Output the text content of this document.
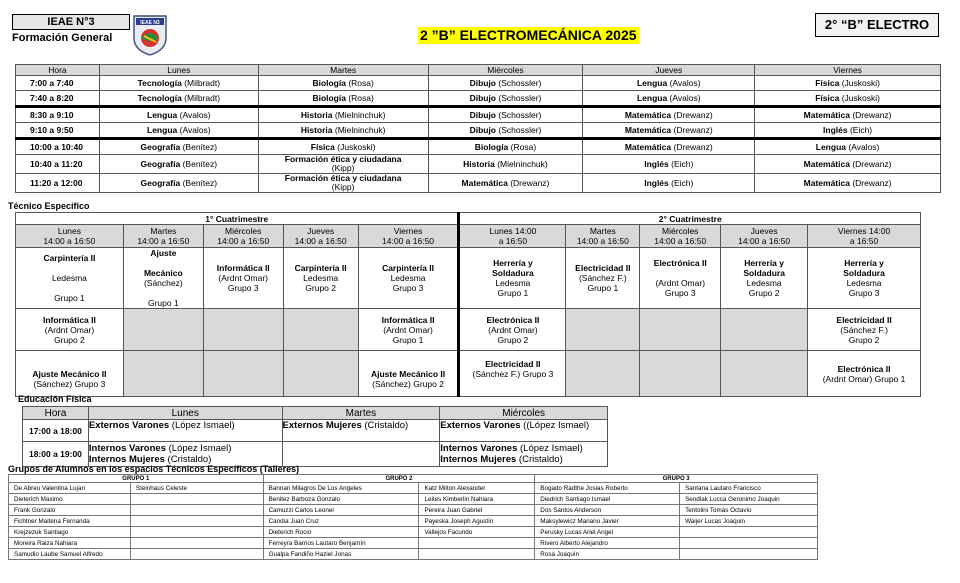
IEAE N°3
Formación General
IEAE N3
2 ”B” ELECTROMECÁNICA 2025
2° “B” ELECTRO
Hora	Lunes	Martes	Miércoles	Jueves	Viernes
7:00 a 7:40	Tecnología (Milbradt)	Biología (Rosa)	Dibujo (Schossler)	Lengua (Avalos)	Física (Juskoski)
7:40 a 8:20	Tecnología (Milbradt)	Biología (Rosa)	Dibujo (Schossler)	Lengua (Avalos)	Física (Juskoski)
8:30 a 9:10	Lengua (Avalos)	Historia (Mielninchuk)	Dibujo (Schossler)	Matemática (Drewanz)	Matemática (Drewanz)
9:10 a 9:50	Lengua (Avalos)	Historia (Mielninchuk)	Dibujo (Schossler)	Matemática (Drewanz)	Inglés (Eich)
10:00 a 10:40	Geografía (Benítez)	Física (Juskoski)	Biología (Rosa)	Matemática (Drewanz)	Lengua (Avalos)
10:40 a 11:20	Geografía (Benítez)	Formación ética y ciudadana
(Kipp)	Historia (Mielninchuk)	Inglés (Eich)	Matemática (Drewanz)
11:20 a 12:00	Geografía (Benítez)	Formación ética y ciudadana
(Kipp)	Matemática (Drewanz)	Inglés (Eich)	Matemática (Drewanz)
Técnico Específico
1° Cuatrimestre					2° Cuatrimestre				
Lunes
14:00 a 16:50	Martes
14:00 a 16:50	Miércoles
14:00 a 16:50	Jueves
14:00 a 16:50	Viernes
14:00 a 16:50	Lunes 14:00
a 16:50	Martes
14:00 a 16:50	Miércoles
14:00 a 16:50	Jueves
14:00 a 16:50	Viernes 14:00
a 16:50
Carpintería II

Ledesma

Grupo 1	Ajuste

Mecánico
(Sánchez)

Grupo 1	Informática II
(Ardnt Omar)
Grupo 3	Carpintería II
Ledesma
Grupo 2	Carpintería II
Ledesma
Grupo 3	Herrería y
Soldadura
Ledesma
Grupo 1	Electricidad II
(Sánchez F.)
Grupo 1	Electrónica II

(Ardnt Omar)
Grupo 3	Herrería y
Soldadura
Ledesma
Grupo 2	Herrería y
Soldadura
Ledesma
Grupo 3
Informática II
(Ardnt Omar)
Grupo 2				Informática II
(Ardnt Omar)
Grupo 1	Electrónica II
(Ardnt Omar)
Grupo 2				Electricidad II
(Sánchez F.)
Grupo 2

Ajuste Mecánico II
(Sánchez) Grupo 3				Ajuste Mecánico II
(Sánchez) Grupo 2	Electricidad II
(Sánchez F.) Grupo 3				Electrónica II
(Ardnt Omar) Grupo 1
Educación Física
Hora	Lunes	Martes	Miércoles
17:00 a 18:00	Externos Varones (López Ismael)	Externos Mujeres (Cristaldo)	Externos Varones ((López Ismael)
18:00 a 19:00	Internos Varones (López Ismael)
Internos Mujeres (Cristaldo)		Internos Varones (López Ismael)
Internos Mujeres (Cristaldo)
Grupos de Alumnos en los espacios Técnicos Específicos (Talleres)
GRUPO 1		GRUPO 2		GRUPO 3	
De Abreu Valentina Lujan	Steinhaus Celeste	Bannan Milagros De Los Angeles	Katz Milton Alexander	Bogado Radthe Josias Roberto	Santana Lautaro Francisco
Dieterich Maximo		Benitez Barboza Gonzalo	Leites Kimberlin Nahiara	Diedrich Santiago Ismael	Sendlak Lucca Geronimo Joaquin
Frank Gonzalo		Camuzzi Carlos Leonel	Pereira Juan Gabriel	Dos Santos Anderson	Tentolini Tomás Octavio
Fichtner Maitena Fernanda		Candia Juan Cruz	Payeska Joseph Agustín	Maksylewicz Mariano Javier	Waijer Lucas Joaquin
Krejzezuk Santiago		Dieterich Rocio	Vallejos Facundo	Perusky Lucas Ariel Angel	
Moreira Raiza Nahiara		Ferreyra Barrios Lautaro Benjamín		Rivero Alberto Alejandro	
Samudio Laube Samuel Alfredo		Gualpa Fandiño Haziel Jonas		Rosa Joaquín	
